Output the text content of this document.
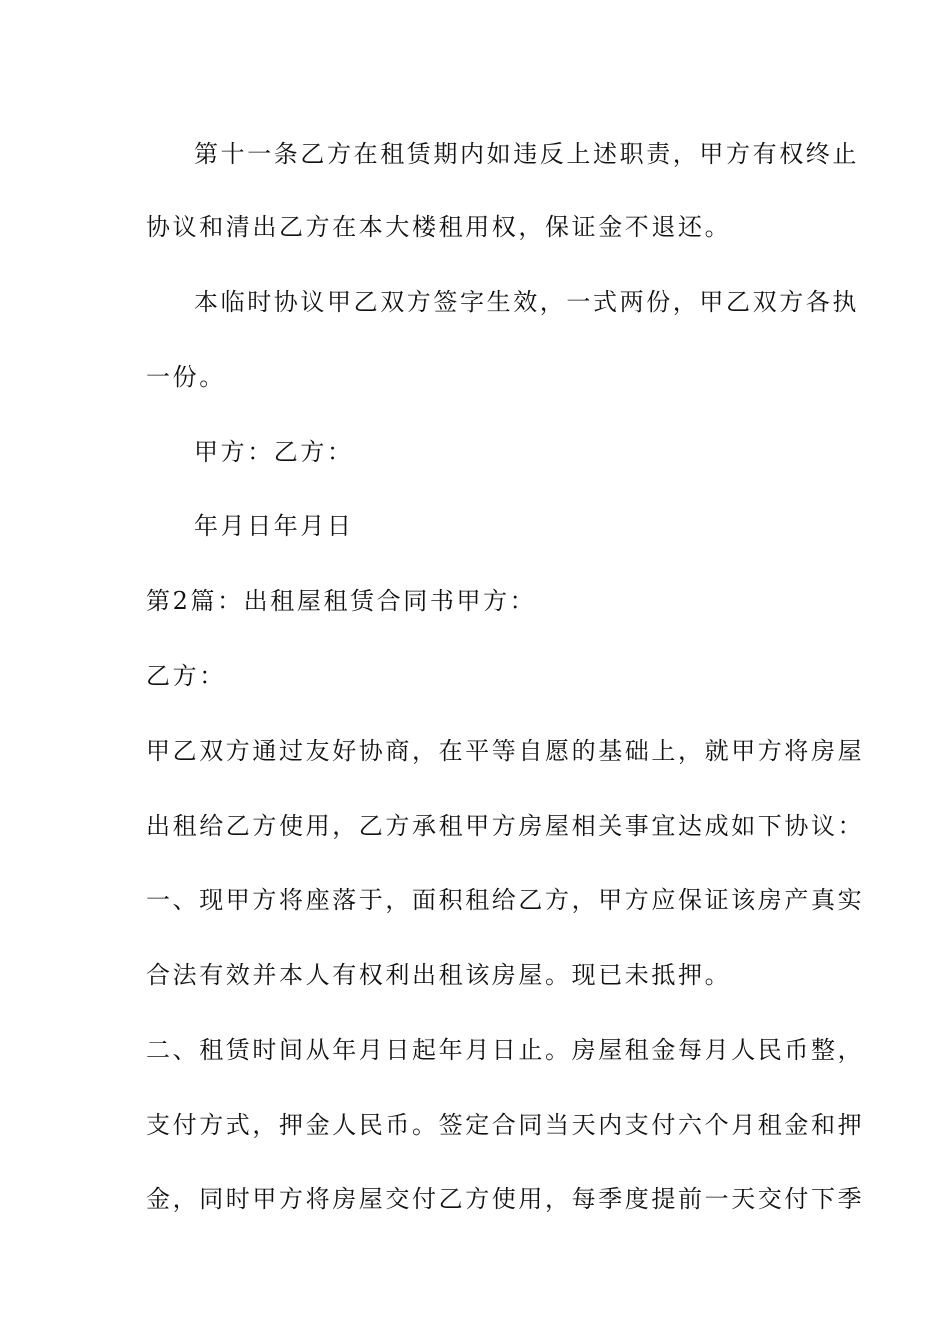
第十一条乙方在租赁期内如违反上述职责，甲方有权终止
协议和清出乙方在本大楼租用权，保证金不退还。
本临时协议甲乙双方签字生效，一式两份，甲乙双方各执
一份。
甲方：乙方：
年月日年月日
第2篇：出租屋租赁合同书甲方：
乙方：
甲乙双方通过友好协商，在平等自愿的基础上，就甲方将房屋
出租给乙方使用，乙方承租甲方房屋相关事宜达成如下协议：
一、现甲方将座落于，面积租给乙方，甲方应保证该房产真实
合法有效并本人有权利出租该房屋。现已未抵押。
二、租赁时间从年月日起年月日止。房屋租金每月人民币整，
支付方式，押金人民币。签定合同当天内支付六个月租金和押
金，同时甲方将房屋交付乙方使用，每季度提前一天交付下季
